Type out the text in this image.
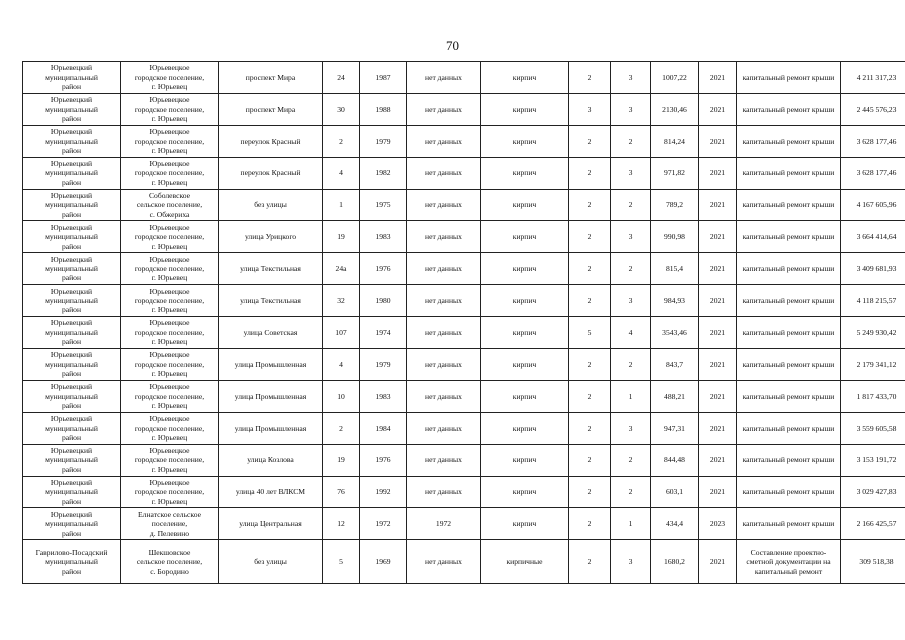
70
Юрьевецкий
муниципальный
район	Юрьевецкое
городское поселение,
г. Юрьевец	проспект Мира	24	1987	нет данных	кирпич	2	3	1007,22	2021	капитальный ремонт крыши	4 211 317,23
Юрьевецкий
муниципальный
район	Юрьевецкое
городское поселение,
г. Юрьевец	проспект Мира	30	1988	нет данных	кирпич	3	3	2130,46	2021	капитальный ремонт крыши	2 445 576,23
Юрьевецкий
муниципальный
район	Юрьевецкое
городское поселение,
г. Юрьевец	переулок Красный	2	1979	нет данных	кирпич	2	2	814,24	2021	капитальный ремонт крыши	3 628 177,46
Юрьевецкий
муниципальный
район	Юрьевецкое
городское поселение,
г. Юрьевец	переулок Красный	4	1982	нет данных	кирпич	2	3	971,82	2021	капитальный ремонт крыши	3 628 177,46
Юрьевецкий
муниципальный
район	Соболевское
сельское поселение,
с. Обжериха	без улицы	1	1975	нет данных	кирпич	2	2	789,2	2021	капитальный ремонт крыши	4 167 605,96
Юрьевецкий
муниципальный
район	Юрьевецкое
городское поселение,
г. Юрьевец	улица Урицкого	19	1983	нет данных	кирпич	2	3	990,98	2021	капитальный ремонт крыши	3 664 414,64
Юрьевецкий
муниципальный
район	Юрьевецкое
городское поселение,
г. Юрьевец	улица Текстильная	24а	1976	нет данных	кирпич	2	2	815,4	2021	капитальный ремонт крыши	3 409 681,93
Юрьевецкий
муниципальный
район	Юрьевецкое
городское поселение,
г. Юрьевец	улица Текстильная	32	1980	нет данных	кирпич	2	3	984,93	2021	капитальный ремонт крыши	4 118 215,57
Юрьевецкий
муниципальный
район	Юрьевецкое
городское поселение,
г. Юрьевец	улица Советская	107	1974	нет данных	кирпич	5	4	3543,46	2021	капитальный ремонт крыши	5 249 930,42
Юрьевецкий
муниципальный
район	Юрьевецкое
городское поселение,
г. Юрьевец	улица Промышленная	4	1979	нет данных	кирпич	2	2	843,7	2021	капитальный ремонт крыши	2 179 341,12
Юрьевецкий
муниципальный
район	Юрьевецкое
городское поселение,
г. Юрьевец	улица Промышленная	10	1983	нет данных	кирпич	2	1	488,21	2021	капитальный ремонт крыши	1 817 433,70
Юрьевецкий
муниципальный
район	Юрьевецкое
городское поселение,
г. Юрьевец	улица Промышленная	2	1984	нет данных	кирпич	2	3	947,31	2021	капитальный ремонт крыши	3 559 605,58
Юрьевецкий
муниципальный
район	Юрьевецкое
городское поселение,
г. Юрьевец	улица Козлова	19	1976	нет данных	кирпич	2	2	844,48	2021	капитальный ремонт крыши	3 153 191,72
Юрьевецкий
муниципальный
район	Юрьевецкое
городское поселение,
г. Юрьевец	улица 40 лет ВЛКСМ	76	1992	нет данных	кирпич	2	2	603,1	2021	капитальный ремонт крыши	3 029 427,83
Юрьевецкий
муниципальный
район	Елнатское сельское
поселение,
д. Пелевино	улица Центральная	12	1972	1972	кирпич	2	1	434,4	2023	капитальный ремонт крыши	2 166 425,57
Гаврилово-Посадский
муниципальный
район	Шекшовское
сельское поселение,
с. Бородино	без улицы	5	1969	нет данных	кирпичные	2	3	1680,2	2021	Составление проектно-сметной документации на капитальный ремонт	309 518,38
